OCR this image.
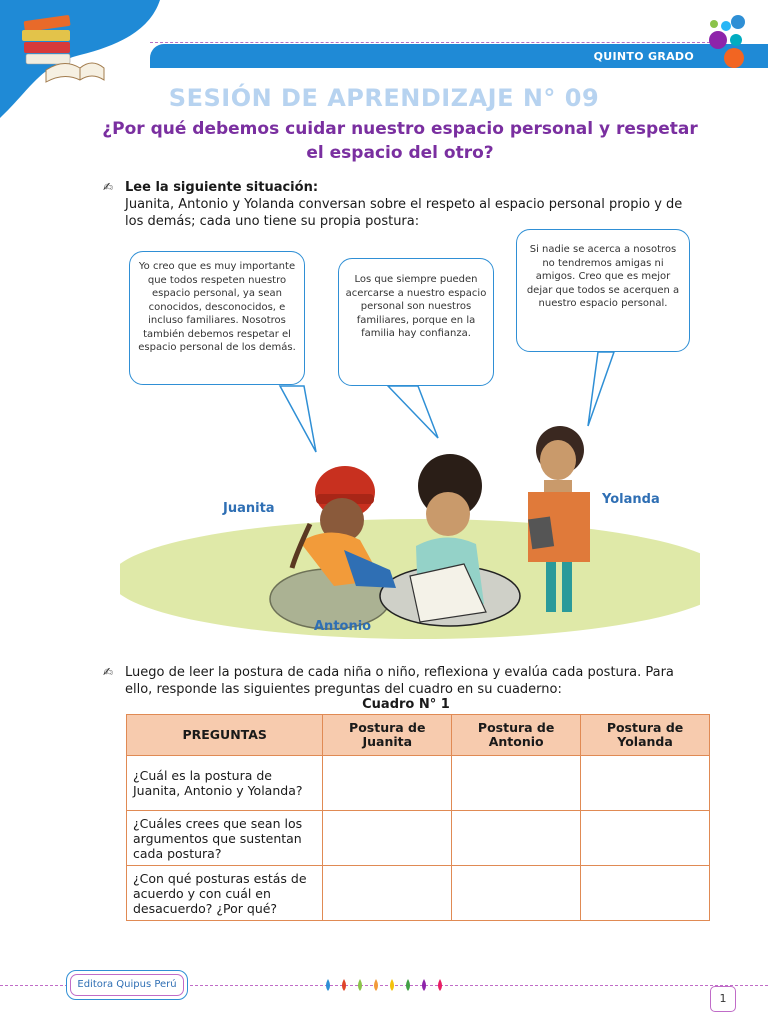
QUINTO GRADO
SESIÓN DE APRENDIZAJE N° 09
¿Por qué debemos cuidar nuestro espacio personal y respetar el espacio del otro?
✍ Lee la siguiente situación:
Juanita, Antonio y Yolanda conversan sobre el respeto al espacio personal propio y de los demás; cada uno tiene su propia postura:

Yo creo que es muy importante que todos respeten nuestro espacio personal, ya sean conocidos, desconocidos, e incluso familiares. Nosotros también debemos respetar el espacio personal de los demás.

Los que siempre pueden acercarse a nuestro espacio personal son nuestros familiares, porque en la familia hay confianza.

Si nadie se acerca a nosotros no tendremos amigas ni amigos. Creo que es mejor dejar que todos se acerquen a nuestro espacio personal.

Juanita
Antonio
Yolanda
✍ Luego de leer la postura de cada niña o niño, reflexiona y evalúa cada postura. Para ello, responde las siguientes preguntas del cuadro en su cuaderno:
Cuadro N° 1
PREGUNTAS	Postura de Juanita	Postura de Antonio	Postura de Yolanda
¿Cuál es la postura de Juanita, Antonio y Yolanda?			
¿Cuáles crees que sean los argumentos que sustentan cada postura?			
¿Con qué posturas estás de acuerdo y con cuál en desacuerdo? ¿Por qué?			
Editora Quipus Perú
1
